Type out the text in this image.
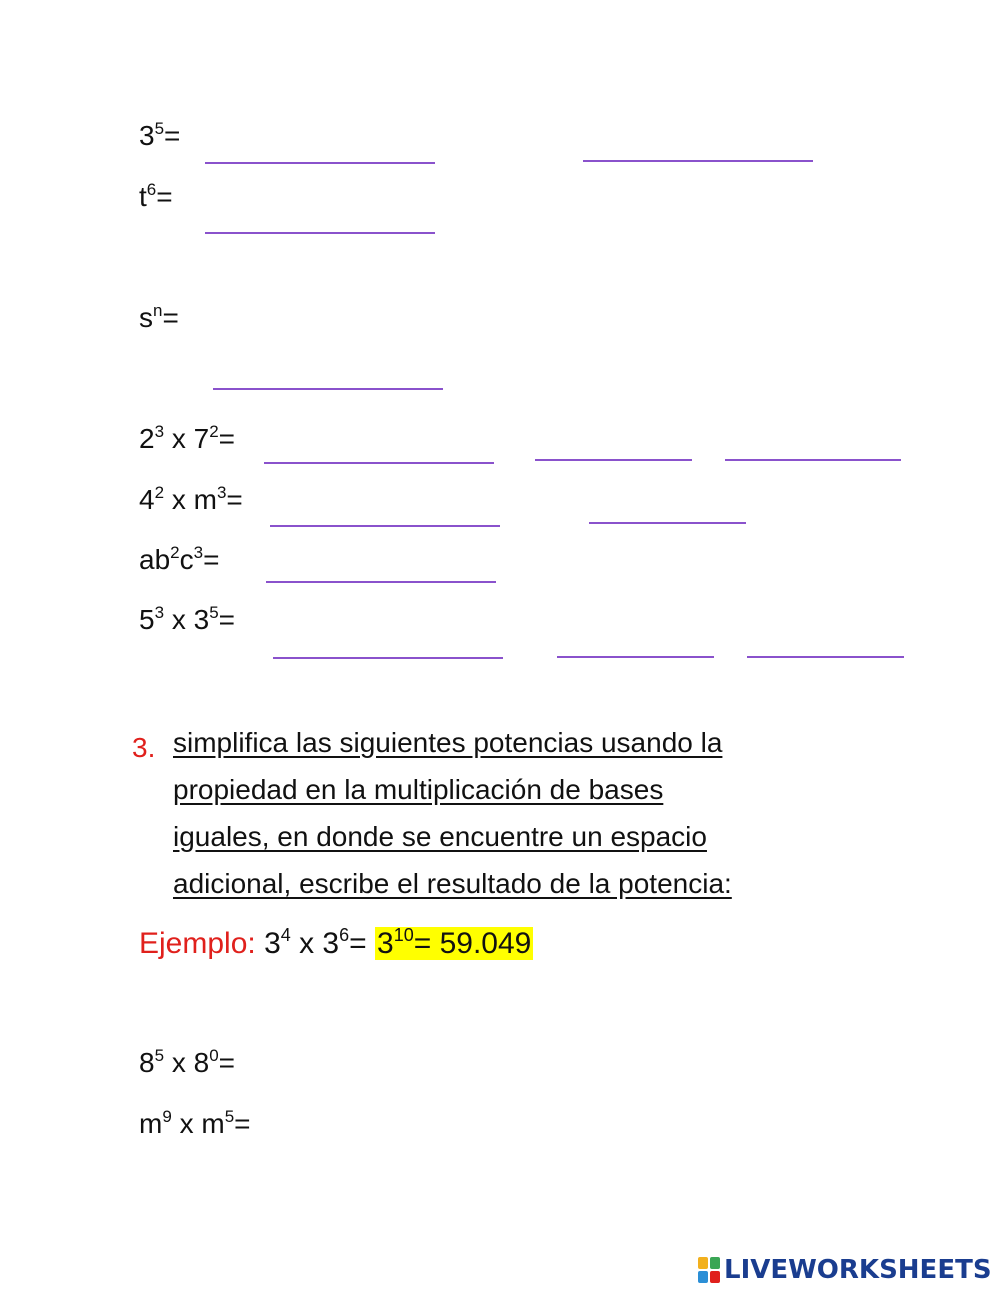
$3^5=$
$t^6=$
$s^n=$
$2^3$ x $7^2=$
$4^2$ x $m^3=$
$ab^2c^3=$
$5^3$ x $3^5=$
3. simplifica las siguientes potencias usando la
propiedad en la multiplicación de bases
iguales, en donde se encuentre un espacio
adicional, escribe el resultado de la potencia:
Ejemplo: $3^4$ x $3^6= 3^{10}= 59.049$
$8^5$ x $8^0=$
$m^9$ x $m^5=$
LIVEWORKSHEETS
